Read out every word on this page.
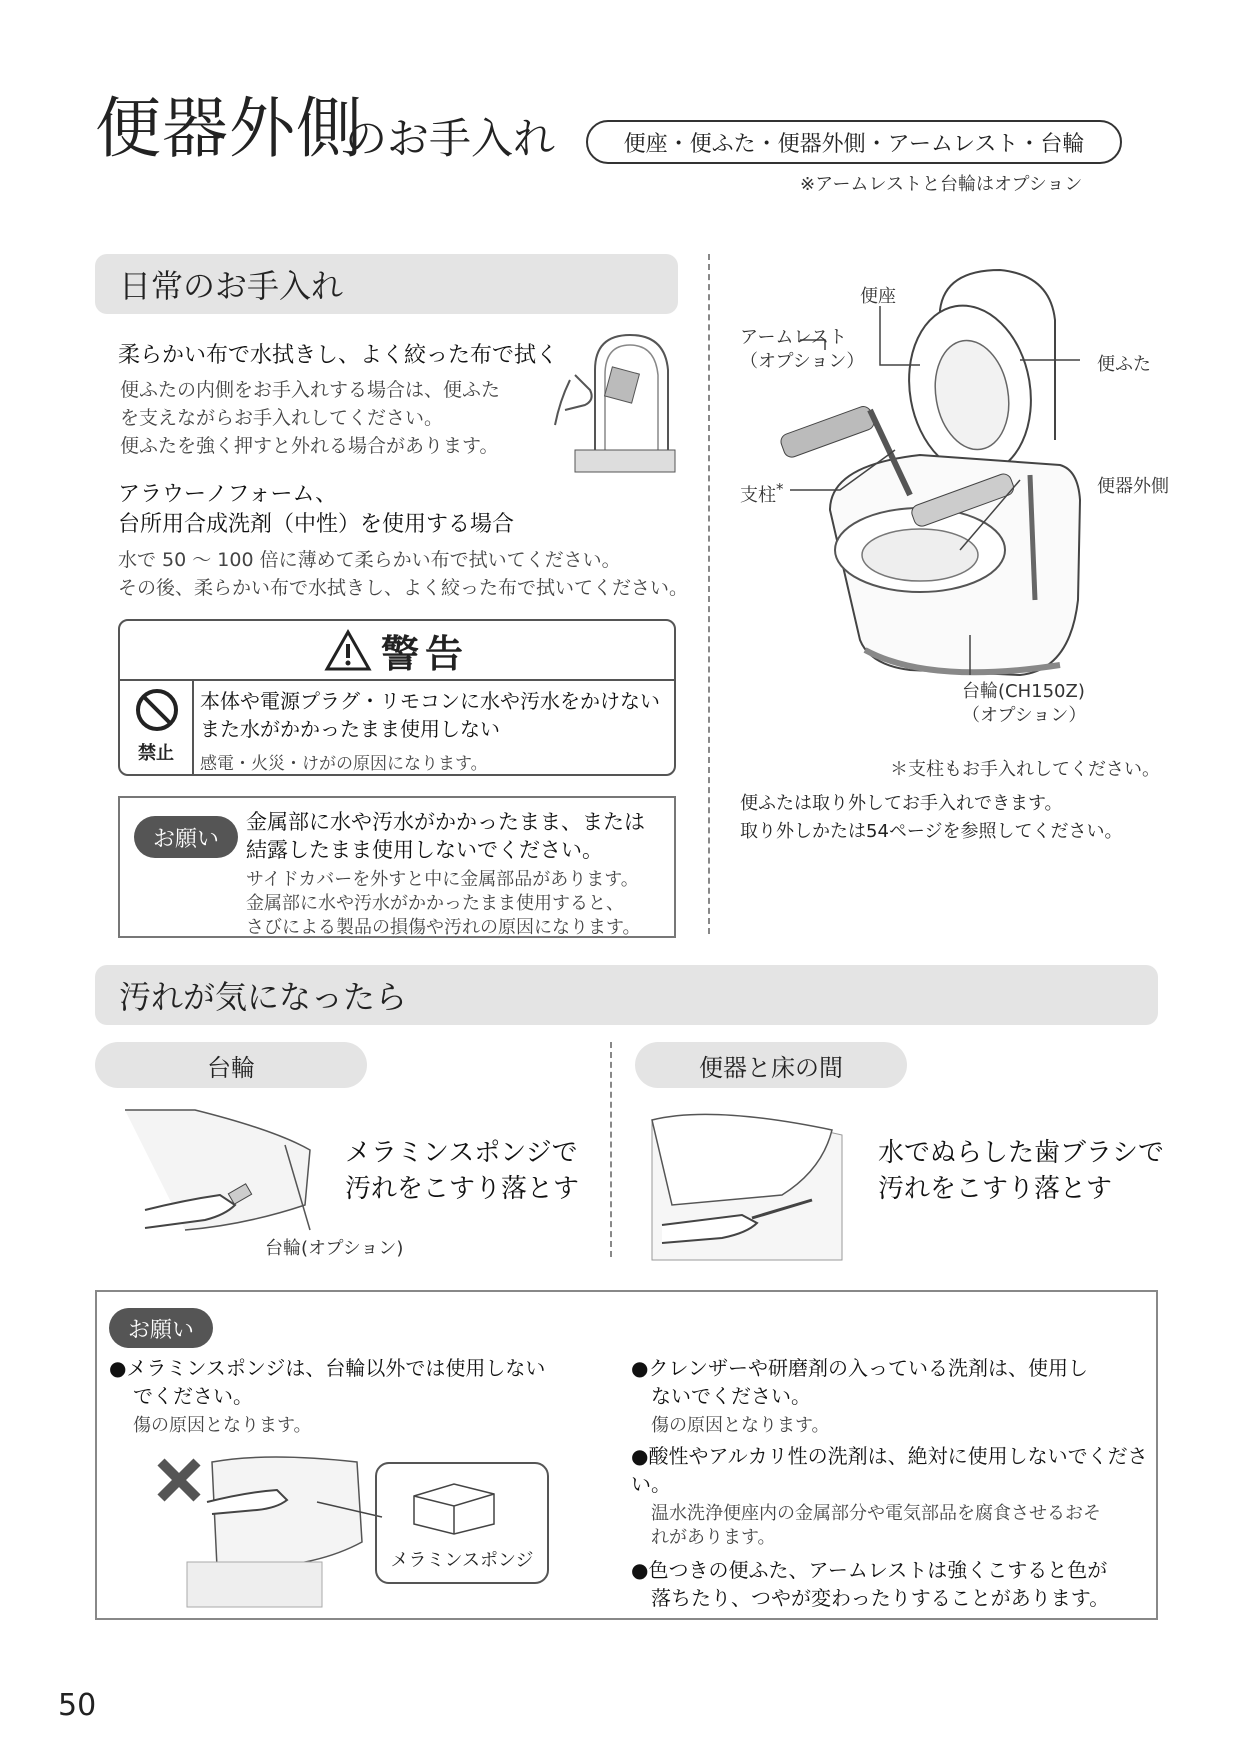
便器外側
のお手入れ	便座・便ふた・便器外側・アームレスト・台輪
※アームレストと台輪はオプション
日常のお手入れ
柔らかい布で水拭きし、よく絞った布で拭く
便ふたの内側をお手入れする場合は、便ふた
を支えながらお手入れしてください。
便ふたを強く押すと外れる場合があります。
アラウーノフォーム、
台所用合成洗剤（中性）を使用する場合
水で 50 ～ 100 倍に薄めて柔らかい布で拭いてください。
その後、柔らかい布で水拭きし、よく絞った布で拭いてください。
警告
禁止
本体や電源プラグ・リモコンに水や汚水をかけない
また水がかかったまま使用しない
感電・火災・けがの原因になります。
お願い
金属部に水や汚水がかかったまま、または
結露したまま使用しないでください。
サイドカバーを外すと中に金属部品があります。
金属部に水や汚水がかかったまま使用すると、
さびによる製品の損傷や汚れの原因になります。
便座
アームレスト
（オプション）	便ふた
支柱*	便器外側
台輪(CH150Z)
（オプション）
＊支柱もお手入れしてください。
便ふたは取り外してお手入れできます。
取り外しかたは54ページを参照してください。
汚れが気になったら
台輪	便器と床の間
メラミンスポンジで
汚れをこすり落とす
台輪(オプション)
水でぬらした歯ブラシで
汚れをこすり落とす
お願い
●メラミンスポンジは、台輪以外では使用しない
でください。
傷の原因となります。
メラミンスポンジ
●クレンザーや研磨剤の入っている洗剤は、使用し
ないでください。
傷の原因となります。
●酸性やアルカリ性の洗剤は、絶対に使用しないでください。
温水洗浄便座内の金属部分や電気部品を腐食させるおそ
れがあります。
●色つきの便ふた、アームレストは強くこすると色が
落ちたり、つやが変わったりすることがあります。
50
